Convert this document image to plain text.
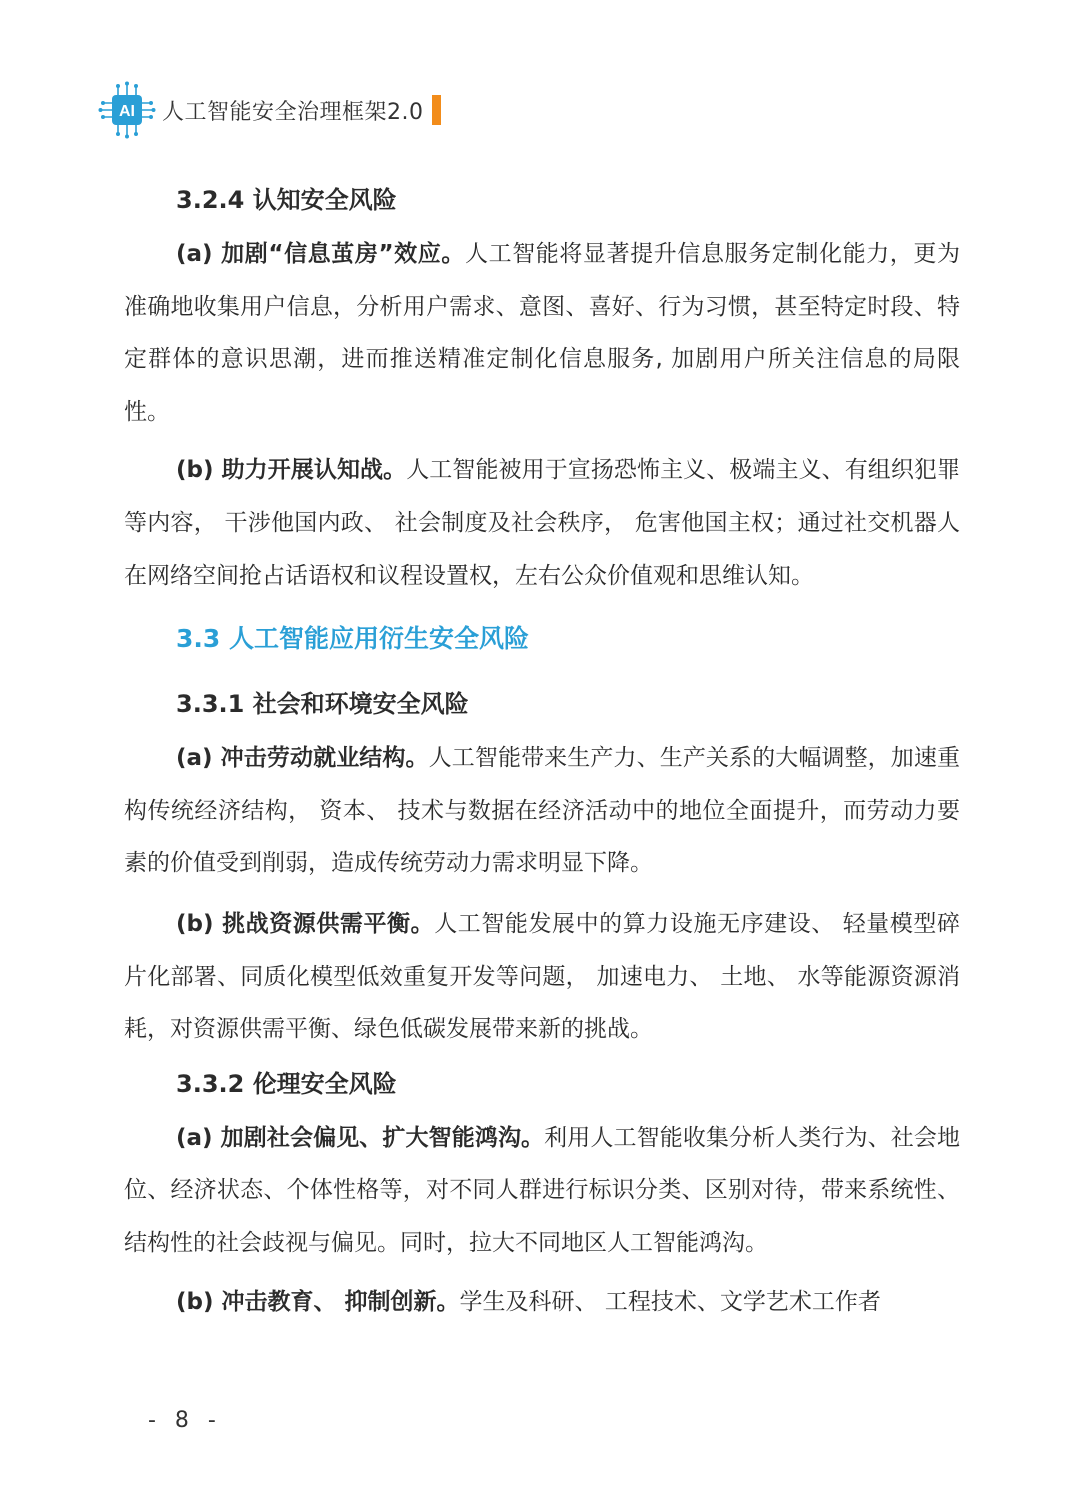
AI 人工智能安全治理框架2.0
3.2.4 认知安全风险

(a) 加剧“信息茧房”效应。人工智能将显著提升信息服务定制化能力，更为准确地收集用户信息，分析用户需求、意图、喜好、行为习惯，甚至特定时段、特定群体的意识思潮，进而推送精准定制化信息服务, 加剧用户所关注信息的局限性。

(b) 助力开展认知战。人工智能被用于宣扬恐怖主义、极端主义、有组织犯罪等内容， 干涉他国内政、 社会制度及社会秩序， 危害他国主权；通过社交机器人在网络空间抢占话语权和议程设置权，左右公众价值观和思维认知。

3.3 人工智能应用衍生安全风险
3.3.1 社会和环境安全风险

(a) 冲击劳动就业结构。人工智能带来生产力、生产关系的大幅调整，加速重构传统经济结构， 资本、 技术与数据在经济活动中的地位全面提升，而劳动力要素的价值受到削弱，造成传统劳动力需求明显下降。

(b) 挑战资源供需平衡。人工智能发展中的算力设施无序建设、 轻量模型碎片化部署、同质化模型低效重复开发等问题， 加速电力、 土地、 水等能源资源消耗，对资源供需平衡、绿色低碳发展带来新的挑战。

3.3.2 伦理安全风险

(a) 加剧社会偏见、扩大智能鸿沟。利用人工智能收集分析人类行为、社会地位、经济状态、个体性格等，对不同人群进行标识分类、区别对待，带来系统性、结构性的社会歧视与偏见。同时，拉大不同地区人工智能鸿沟。

(b) 冲击教育、 抑制创新。学生及科研、 工程技术、文学艺术工作者

- 8 -
